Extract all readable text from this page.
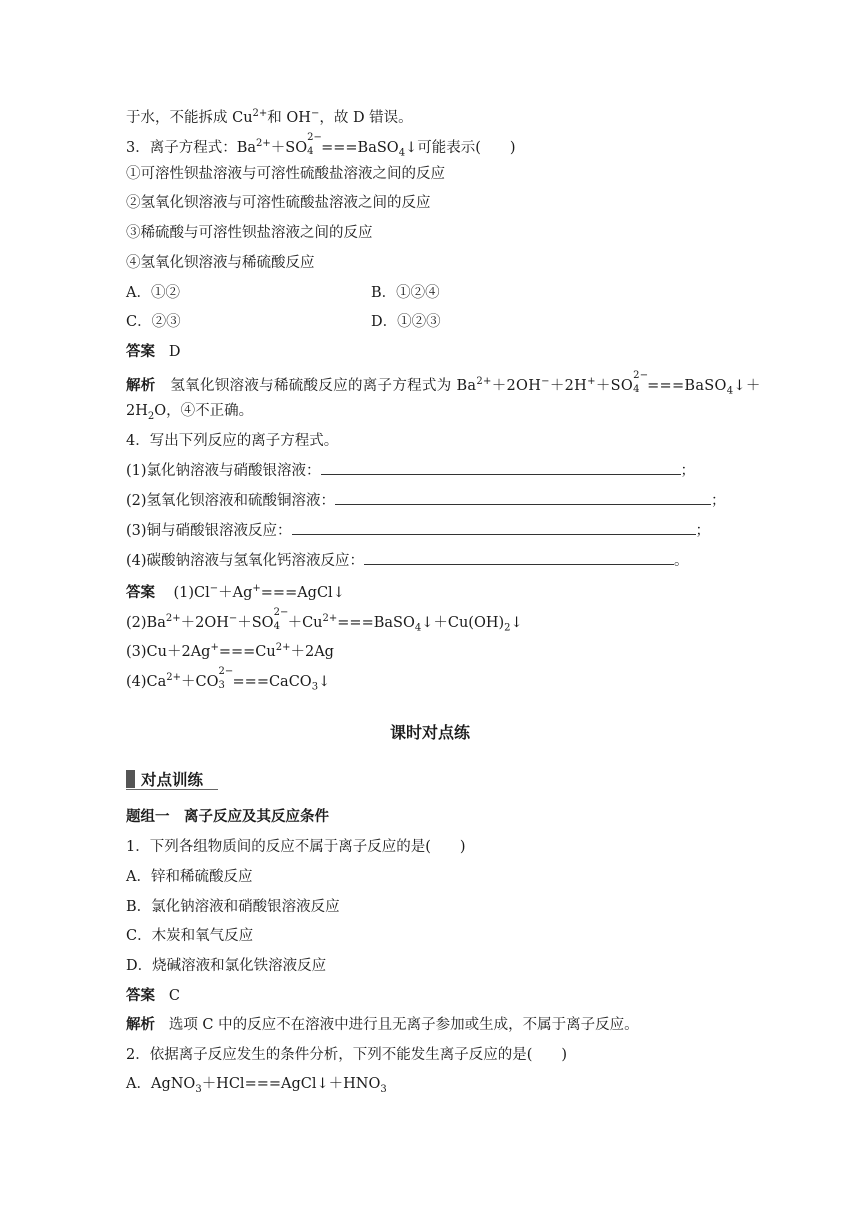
于水，不能拆成 $Cu^{2+}$和 OH−，故 D 错误。
3．离子方程式：$Ba^{2+}+SO$
2−
4 ===BaSO$_4$↓可能表示(　　)
①可溶性钡盐溶液与可溶性硫酸盐溶液之间的反应
②氢氧化钡溶液与可溶性硫酸盐溶液之间的反应
③稀硫酸与可溶性钡盐溶液之间的反应
④氢氧化钡溶液与稀硫酸反应
A．①②	B．①②④
C．②③	D．①②③
答案 D
解析 氢氧化钡溶液与稀硫酸反应的离子方程式为 $Ba^{2+}+2OH^-+2H^++SO$
2−
4 ===BaSO$_4$↓＋
$2H_2O$，④不正确。
4．写出下列反应的离子方程式。
(1)氯化钠溶液与硝酸银溶液：	；
(2)氢氧化钡溶液和硫酸铜溶液：	；
(3)铜与硝酸银溶液反应：	；
(4)碳酸钠溶液与氢氧化钙溶液反应：	。
答案 (1)Cl−＋Ag+===AgCl↓
$(2)Ba^{2+}+2OH^-+SO$
2−
$4 +Cu^{2+}===BaSO_4↓+Cu(OH)_2↓$
$(3)Cu+2Ag^+===Cu^{2+}+2Ag$
$(4)Ca^{2+}+CO$
2−
3 ===CaCO$_3$↓
课时对点练
对点训练
题组一　离子反应及其反应条件
1．下列各组物质间的反应不属于离子反应的是(　　)
A．锌和稀硫酸反应
B．氯化钠溶液和硝酸银溶液反应
C．木炭和氧气反应
D．烧碱溶液和氯化铁溶液反应
答案 C
解析 选项 C 中的反应不在溶液中进行且无离子参加或生成，不属于离子反应。
2．依据离子反应发生的条件分析，下列不能发生离子反应的是(　　)
A．$AgNO_3+HCl===AgCl↓+HNO_3$
